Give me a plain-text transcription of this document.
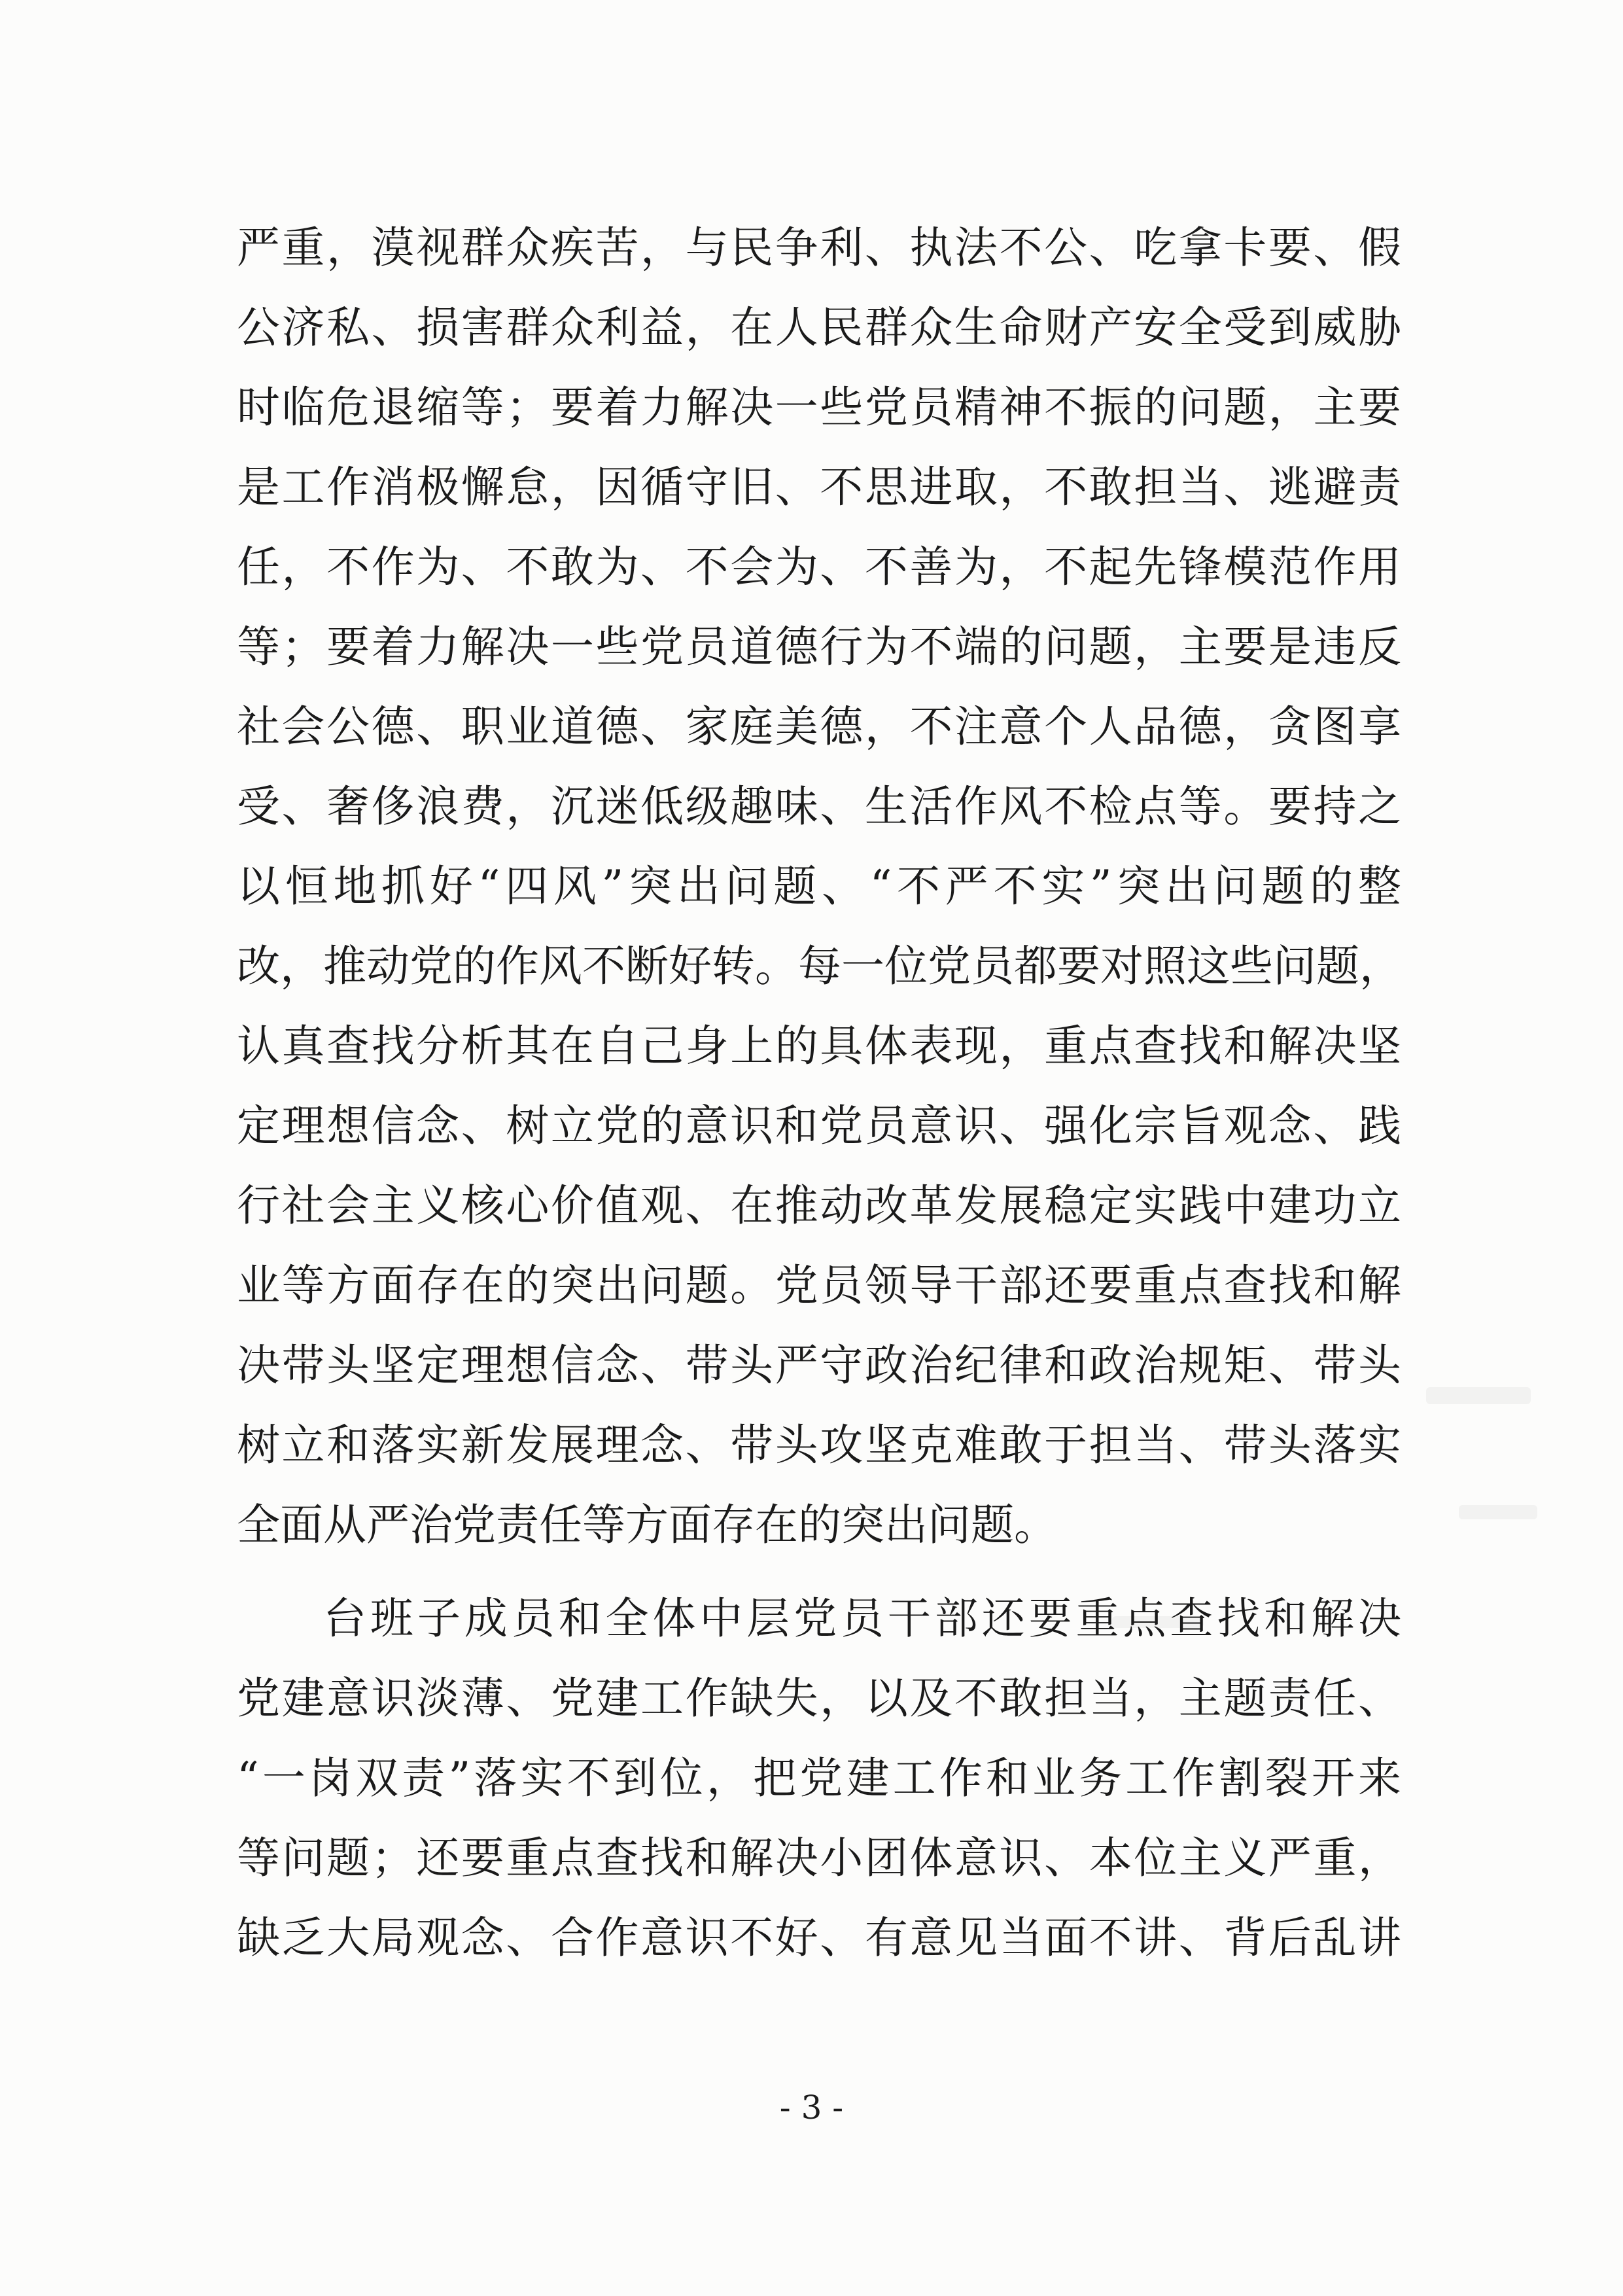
严重，漠视群众疾苦，与民争利、执法不公、吃拿卡要、假
公济私、损害群众利益，在人民群众生命财产安全受到威胁
时临危退缩等；要着力解决一些党员精神不振的问题，主要
是工作消极懈怠，因循守旧、不思进取，不敢担当、逃避责
任，不作为、不敢为、不会为、不善为，不起先锋模范作用
等；要着力解决一些党员道德行为不端的问题，主要是违反
社会公德、职业道德、家庭美德，不注意个人品德，贪图享
受、奢侈浪费，沉迷低级趣味、生活作风不检点等。要持之
以恒地抓好“四风”突出问题、“不严不实”突出问题的整
改，推动党的作风不断好转。每一位党员都要对照这些问题，
认真查找分析其在自己身上的具体表现，重点查找和解决坚
定理想信念、树立党的意识和党员意识、强化宗旨观念、践
行社会主义核心价值观、在推动改革发展稳定实践中建功立
业等方面存在的突出问题。党员领导干部还要重点查找和解
决带头坚定理想信念、带头严守政治纪律和政治规矩、带头
树立和落实新发展理念、带头攻坚克难敢于担当、带头落实
全面从严治党责任等方面存在的突出问题。
台班子成员和全体中层党员干部还要重点查找和解决
党建意识淡薄、党建工作缺失，以及不敢担当，主题责任、
“一岗双责”落实不到位，把党建工作和业务工作割裂开来
等问题；还要重点查找和解决小团体意识、本位主义严重，
缺乏大局观念、合作意识不好、有意见当面不讲、背后乱讲
- 3 -
